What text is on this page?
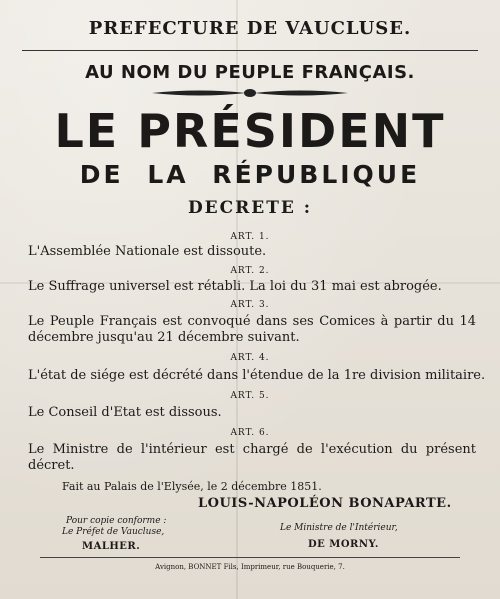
PREFECTURE DE VAUCLUSE.
AU NOM DU PEUPLE FRANÇAIS.
LE PRÉSIDENT
DE LA RÉPUBLIQUE
DECRETE :
ART. 1.
L'Assemblée Nationale est dissoute.
ART. 2.
Le Suffrage universel est rétabli. La loi du 31 mai est abrogée.
ART. 3.
Le Peuple Français est convoqué dans ses Comices à partir du 14 décembre jusqu'au 21 décembre suivant.
ART. 4.
L'état de siége est décrété dans l'étendue de la 1re division militaire.
ART. 5.
Le Conseil d'Etat est dissous.
ART. 6.
Le Ministre de l'intérieur est chargé de l'exécution du présent décret.
Fait au Palais de l'Elysée, le 2 décembre 1851.
LOUIS-NAPOLÉON BONAPARTE.
Pour copie conforme :
Le Préfet de Vaucluse,
MALHER.
Le Ministre de l'Intérieur,
DE MORNY.
Avignon, BONNET Fils, Imprimeur, rue Bouquerie, 7.
